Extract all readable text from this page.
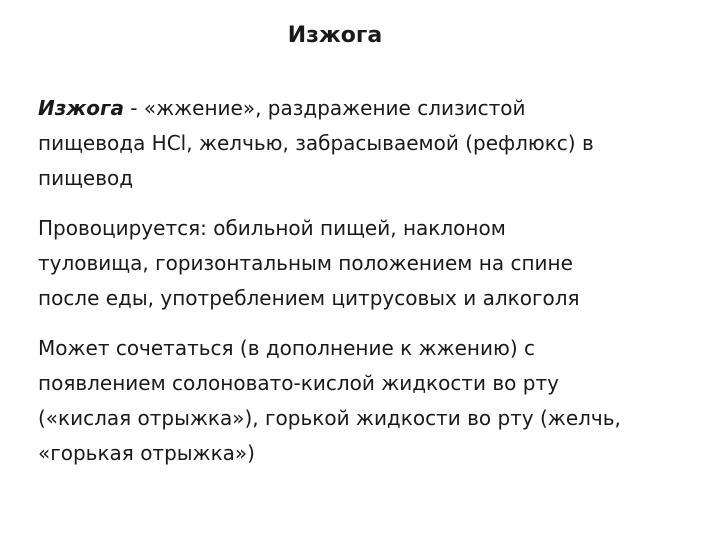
Изжога
Изжога - «жжение», раздражение слизистой
пищевода HCl, желчью, забрасываемой (рефлюкс) в
пищевод
Провоцируется: обильной пищей, наклоном
туловища, горизонтальным положением на спине
после еды, употреблением цитрусовых и алкоголя
Может сочетаться (в дополнение к жжению) с
появлением солоновато-кислой жидкости во рту
(«кислая отрыжка»), горькой жидкости во рту (желчь,
«горькая отрыжка»)
